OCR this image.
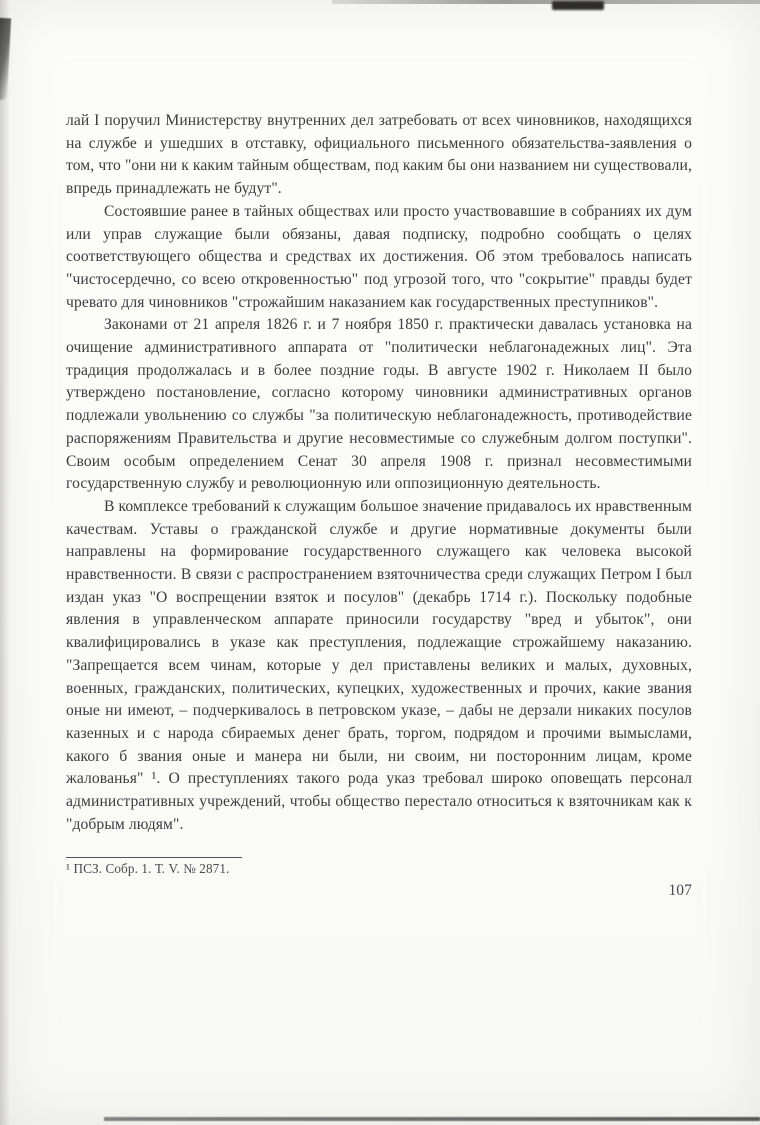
лай I поручил Министерству внутренних дел затребовать от всех чиновников, находящихся на службе и ушедших в отставку, официального письменного обязательства-заявления о том, что "они ни к каким тайным обществам, под каким бы они названием ни существовали, впредь принадлежать не будут".

Состоявшие ранее в тайных обществах или просто участвовавшие в собраниях их дум или управ служащие были обязаны, давая подписку, подробно сообщать о целях соответствующего общества и средствах их достижения. Об этом требовалось написать "чистосердечно, со всею откровенностью" под угрозой того, что "сокрытие" правды будет чревато для чиновников "строжайшим наказанием как государственных преступников".

Законами от 21 апреля 1826 г. и 7 ноября 1850 г. практически давалась установка на очищение административного аппарата от "политически неблагонадежных лиц". Эта традиция продолжалась и в более поздние годы. В августе 1902 г. Николаем II было утверждено постановление, согласно которому чиновники административных органов подлежали увольнению со службы "за политическую неблагонадежность, противодействие распоряжениям Правительства и другие несовместимые со служебным долгом поступки". Своим особым определением Сенат 30 апреля 1908 г. признал несовместимыми государственную службу и революционную или оппозиционную деятельность.

В комплексе требований к служащим большое значение придавалось их нравственным качествам. Уставы о гражданской службе и другие нормативные документы были направлены на формирование государственного служащего как человека высокой нравственности. В связи с распространением взяточничества среди служащих Петром I был издан указ "О воспрещении взяток и посулов" (декабрь 1714 г.). Поскольку подобные явления в управленческом аппарате приносили государству "вред и убыток", они квалифицировались в указе как преступления, подлежащие строжайшему наказанию. "Запрещается всем чинам, которые у дел приставлены великих и малых, духовных, военных, гражданских, политических, купецких, художественных и прочих, какие звания оные ни имеют, – подчеркивалось в петровском указе, – дабы не дерзали никаких посулов казенных и с народа сбираемых денег брать, торгом, подрядом и прочими вымыслами, какого б звания оные и манера ни были, ни своим, ни посторонним лицам, кроме жалованья" ¹. О преступлениях такого рода указ требовал широко оповещать персонал административных учреждений, чтобы общество перестало относиться к взяточникам как к "добрым людям".

¹ ПСЗ. Собр. 1. Т. V. № 2871.

107
